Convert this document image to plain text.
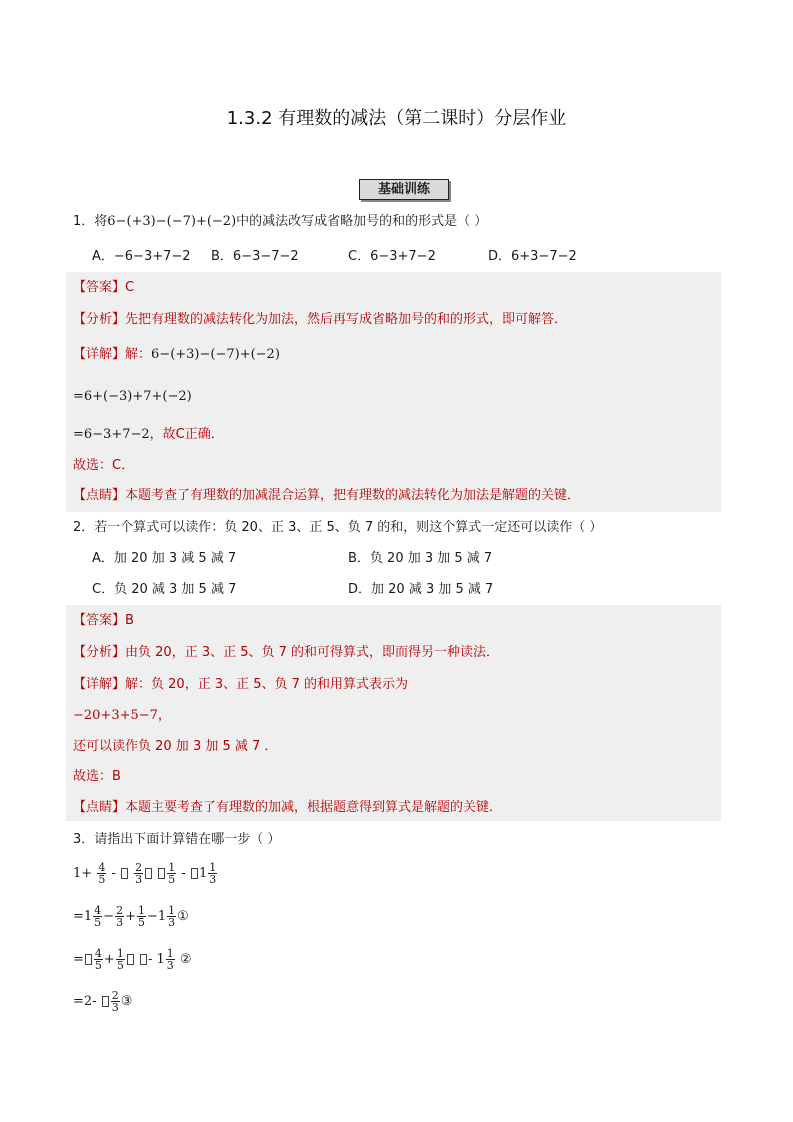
1.3.2 有理数的减法（第二课时）分层作业
基础训练
1．将6−(+3)−(−7)+(−2)中的减法改写成省略加号的和的形式是（ ）
A．−6−3+7−2 B．6−3−7−2	C．6−3+7−2	D．6+3−7−2
【答案】C
【分析】先把有理数的减法转化为加法，然后再写成省略加号的和的形式，即可解答．
【详解】解：6−(+3)−(−7)+(−2)
=6+(−3)+7+(−2)
=6−3+7−2，故C正确．
故选：C．
【点睛】本题考查了有理数的加减混合运算，把有理数的减法转化为加法是解题的关键．
2．若一个算式可以读作：负 20、正 3、正 5、负 7 的和，则这个算式一定还可以读作（ ）
A．加 20 加 3 减 5 减 7	B．负 20 加 3 加 5 减 7
C．负 20 减 3 加 5 减 7	D．加 20 减 3 加 5 减 7
【答案】B
【分析】由负 20，正 3、正 5、负 7 的和可得算式，即而得另一种读法．
【详解】解：负 20，正 3、正 5、负 7 的和用算式表示为
−20+3+5−7，
还可以读作负 20 加 3 加 5 减 7 ．
故选：B
【点睛】本题主要考查了有理数的加减，根据题意得到算式是解题的关键．
3．请指出下面计算错在哪一步（ ）
$1+ \frac{4}{5} - \frac{2}{3}$
$\frac{1}{5} - 1 \frac{1}{3}$
$=1 \frac{4}{5} - \frac{2}{3} + \frac{1}{5} -1 \frac{1}{3}$ ①
= $\frac{4}{5} + \frac{1}{5} - 1 \frac{1}{3}$ ②
$=2- \frac{2}{3}$ ③
